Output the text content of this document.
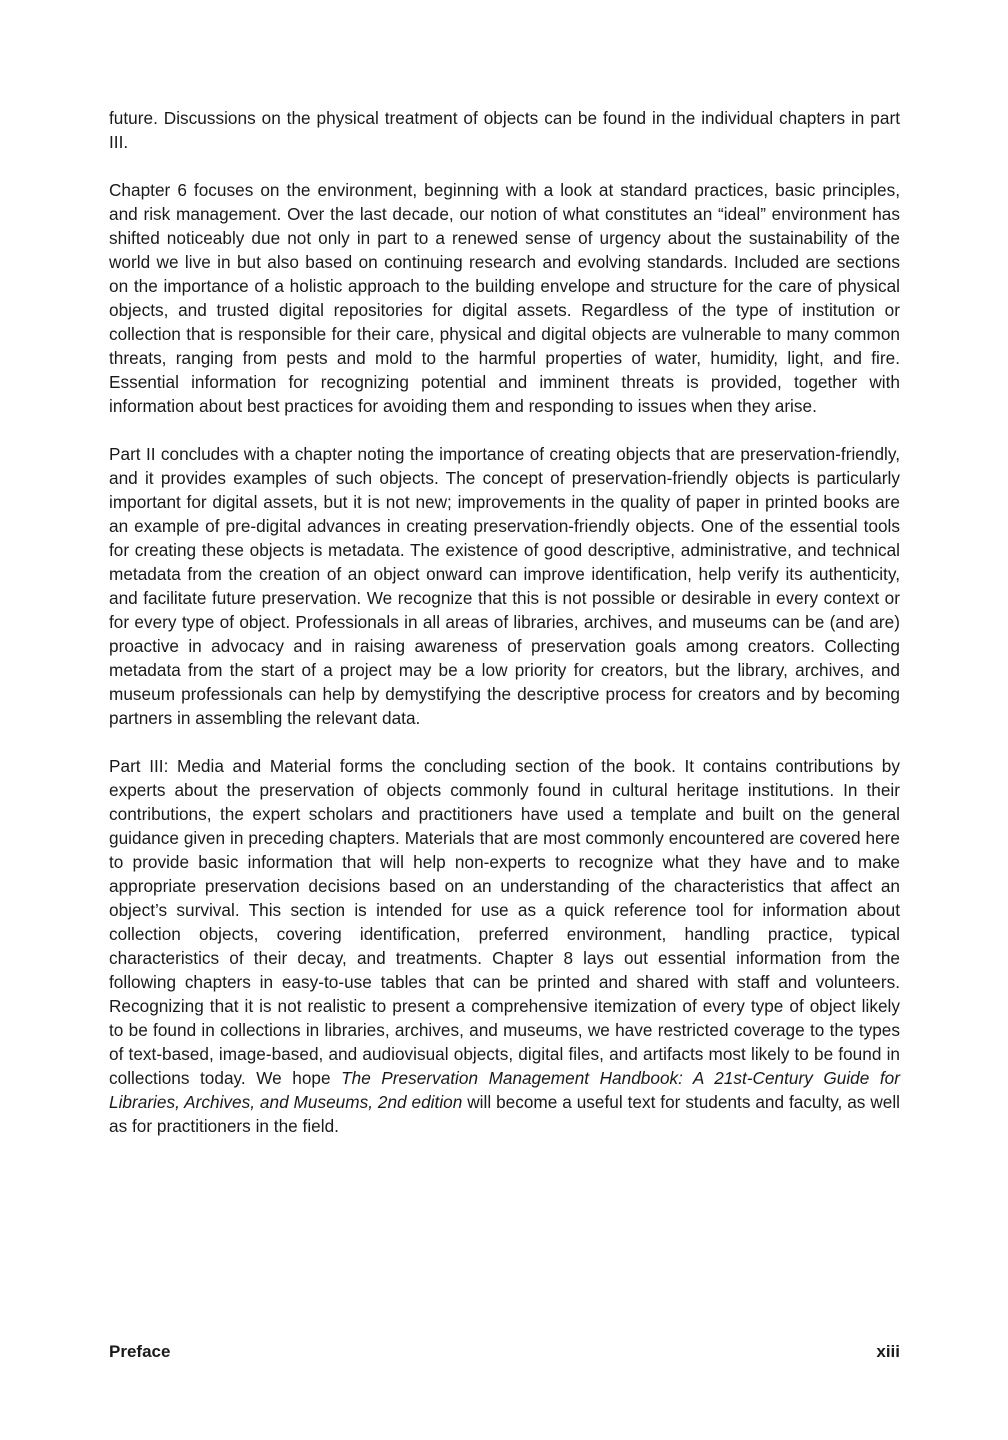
future. Discussions on the physical treatment of objects can be found in the individual chapters in part III.

Chapter 6 focuses on the environment, beginning with a look at standard practices, basic principles, and risk management. Over the last decade, our notion of what constitutes an “ideal” environment has shifted noticeably due not only in part to a renewed sense of urgency about the sustainability of the world we live in but also based on continuing research and evolving standards. Included are sections on the importance of a holistic approach to the building envelope and structure for the care of physical objects, and trusted digital repositories for digital assets. Regardless of the type of institution or collection that is responsible for their care, physical and digital objects are vulnerable to many common threats, ranging from pests and mold to the harmful properties of water, humidity, light, and fire. Essential information for recognizing potential and imminent threats is provided, together with information about best practices for avoiding them and responding to issues when they arise.

Part II concludes with a chapter noting the importance of creating objects that are preservation-friendly, and it provides examples of such objects. The concept of preservation-friendly objects is particularly important for digital assets, but it is not new; improvements in the quality of paper in printed books are an example of pre-digital advances in creating preservation-friendly objects. One of the essential tools for creating these objects is metadata. The existence of good descriptive, administrative, and technical metadata from the creation of an object onward can improve identification, help verify its authenticity, and facilitate future preservation. We recognize that this is not possible or desirable in every context or for every type of object. Professionals in all areas of libraries, archives, and museums can be (and are) proactive in advocacy and in raising awareness of preservation goals among creators. Collecting metadata from the start of a project may be a low priority for creators, but the library, archives, and museum professionals can help by demystifying the descriptive process for creators and by becoming partners in assembling the relevant data.

Part III: Media and Material forms the concluding section of the book. It contains contributions by experts about the preservation of objects commonly found in cultural heritage institutions. In their contributions, the expert scholars and practitioners have used a template and built on the general guidance given in preceding chapters. Materials that are most commonly encountered are covered here to provide basic information that will help non-experts to recognize what they have and to make appropriate preservation decisions based on an understanding of the characteristics that affect an object’s survival. This section is intended for use as a quick reference tool for information about collection objects, covering identification, preferred environment, handling practice, typical characteristics of their decay, and treatments. Chapter 8 lays out essential information from the following chapters in easy-to-use tables that can be printed and shared with staff and volunteers. Recognizing that it is not realistic to present a comprehensive itemization of every type of object likely to be found in collections in libraries, archives, and museums, we have restricted coverage to the types of text-based, image-based, and audiovisual objects, digital files, and artifacts most likely to be found in collections today. We hope The Preservation Management Handbook: A 21st-Century Guide for Libraries, Archives, and Museums, 2nd edition will become a useful text for students and faculty, as well as for practitioners in the field.

Preface	xiii
